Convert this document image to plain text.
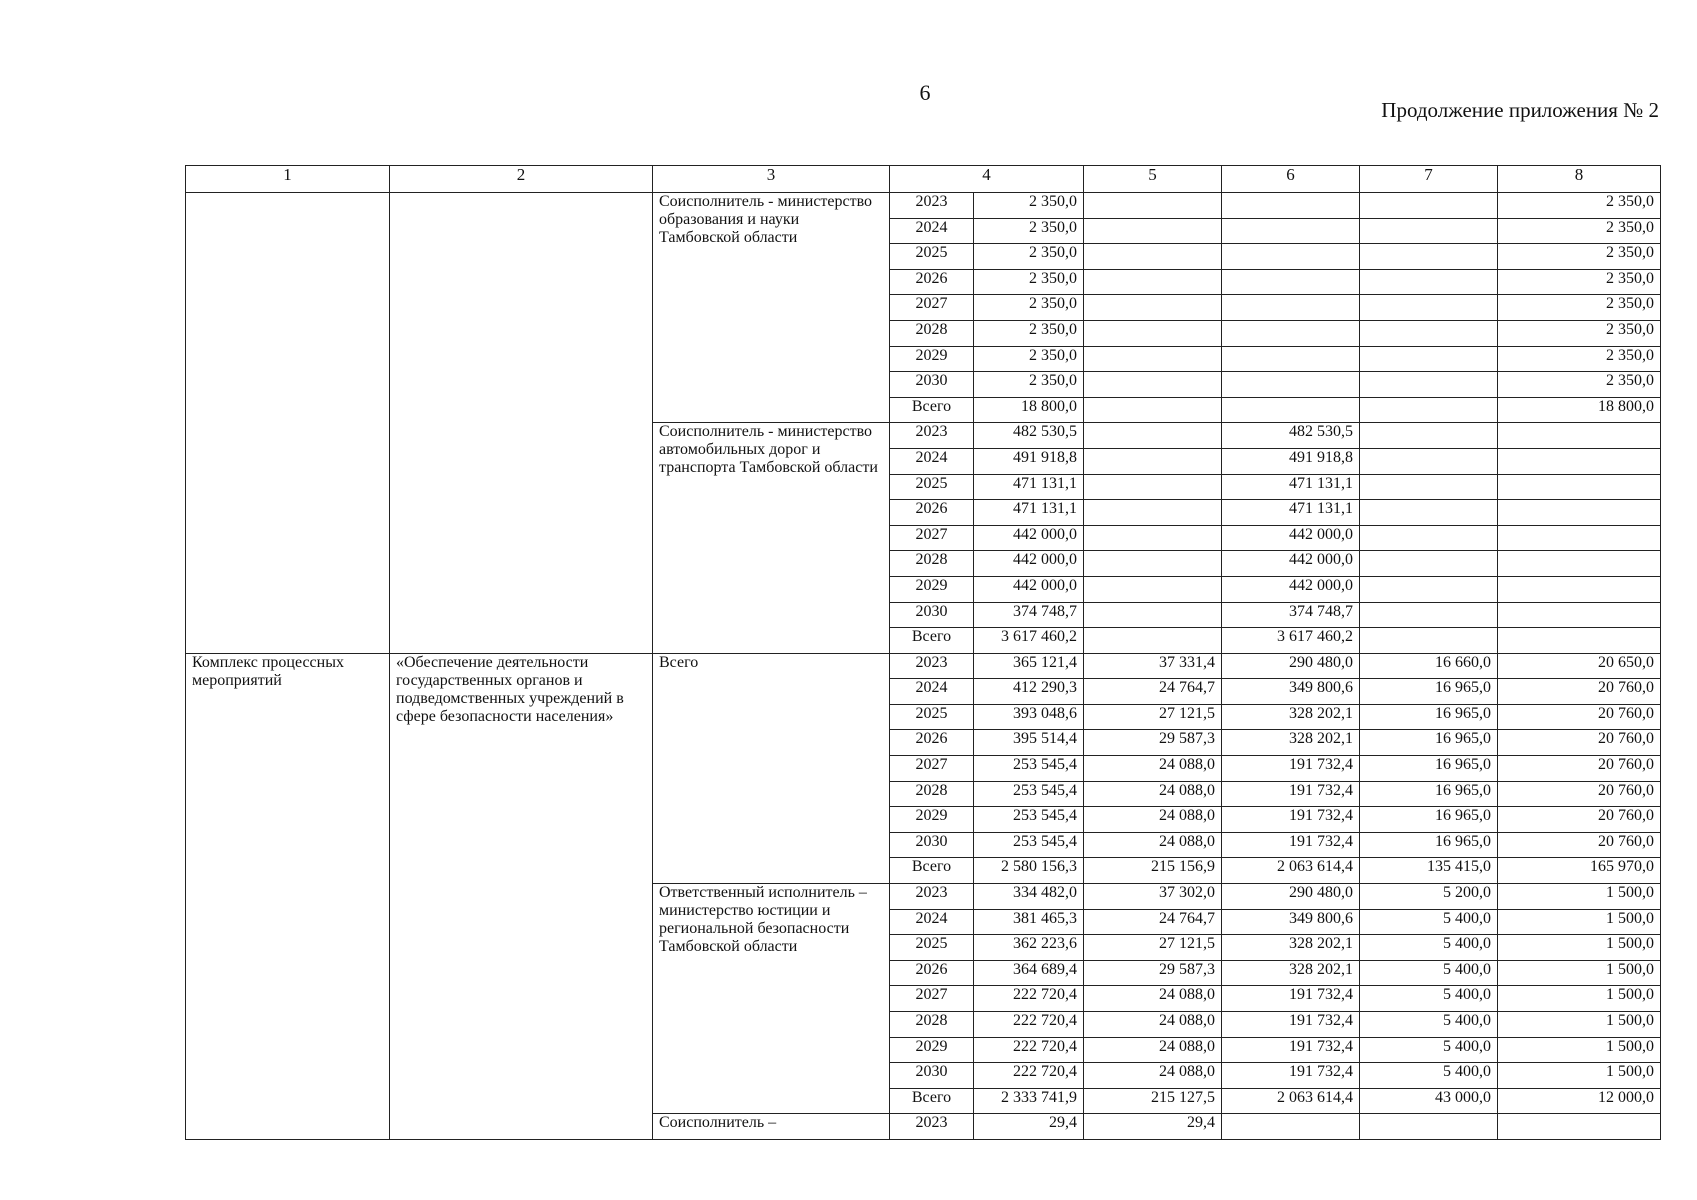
6
Продолжение приложения № 2
1	2	3	4		5	6	7	8
		Соисполнитель - министерство образования и науки Тамбовской области	2023	2 350,0				2 350,0
			2024	2 350,0				2 350,0
			2025	2 350,0				2 350,0
			2026	2 350,0				2 350,0
			2027	2 350,0				2 350,0
			2028	2 350,0				2 350,0
			2029	2 350,0				2 350,0
			2030	2 350,0				2 350,0
			Всего	18 800,0				18 800,0
		Соисполнитель - министерство автомобильных дорог и транспорта Тамбовской области	2023	482 530,5		482 530,5		
			2024	491 918,8		491 918,8		
			2025	471 131,1		471 131,1		
			2026	471 131,1		471 131,1		
			2027	442 000,0		442 000,0		
			2028	442 000,0		442 000,0		
			2029	442 000,0		442 000,0		
			2030	374 748,7		374 748,7		
			Всего	3 617 460,2		3 617 460,2		
Комплекс процессных мероприятий	«Обеспечение деятельности государственных органов и подведомственных учреждений в сфере безопасности населения»	Всего	2023	365 121,4	37 331,4	290 480,0	16 660,0	20 650,0
			2024	412 290,3	24 764,7	349 800,6	16 965,0	20 760,0
			2025	393 048,6	27 121,5	328 202,1	16 965,0	20 760,0
			2026	395 514,4	29 587,3	328 202,1	16 965,0	20 760,0
			2027	253 545,4	24 088,0	191 732,4	16 965,0	20 760,0
			2028	253 545,4	24 088,0	191 732,4	16 965,0	20 760,0
			2029	253 545,4	24 088,0	191 732,4	16 965,0	20 760,0
			2030	253 545,4	24 088,0	191 732,4	16 965,0	20 760,0
			Всего	2 580 156,3	215 156,9	2 063 614,4	135 415,0	165 970,0
		Ответственный исполнитель – министерство юстиции и региональной безопасности Тамбовской области	2023	334 482,0	37 302,0	290 480,0	5 200,0	1 500,0
			2024	381 465,3	24 764,7	349 800,6	5 400,0	1 500,0
			2025	362 223,6	27 121,5	328 202,1	5 400,0	1 500,0
			2026	364 689,4	29 587,3	328 202,1	5 400,0	1 500,0
			2027	222 720,4	24 088,0	191 732,4	5 400,0	1 500,0
			2028	222 720,4	24 088,0	191 732,4	5 400,0	1 500,0
			2029	222 720,4	24 088,0	191 732,4	5 400,0	1 500,0
			2030	222 720,4	24 088,0	191 732,4	5 400,0	1 500,0
			Всего	2 333 741,9	215 127,5	2 063 614,4	43 000,0	12 000,0
		Соисполнитель –	2023	29,4	29,4			
